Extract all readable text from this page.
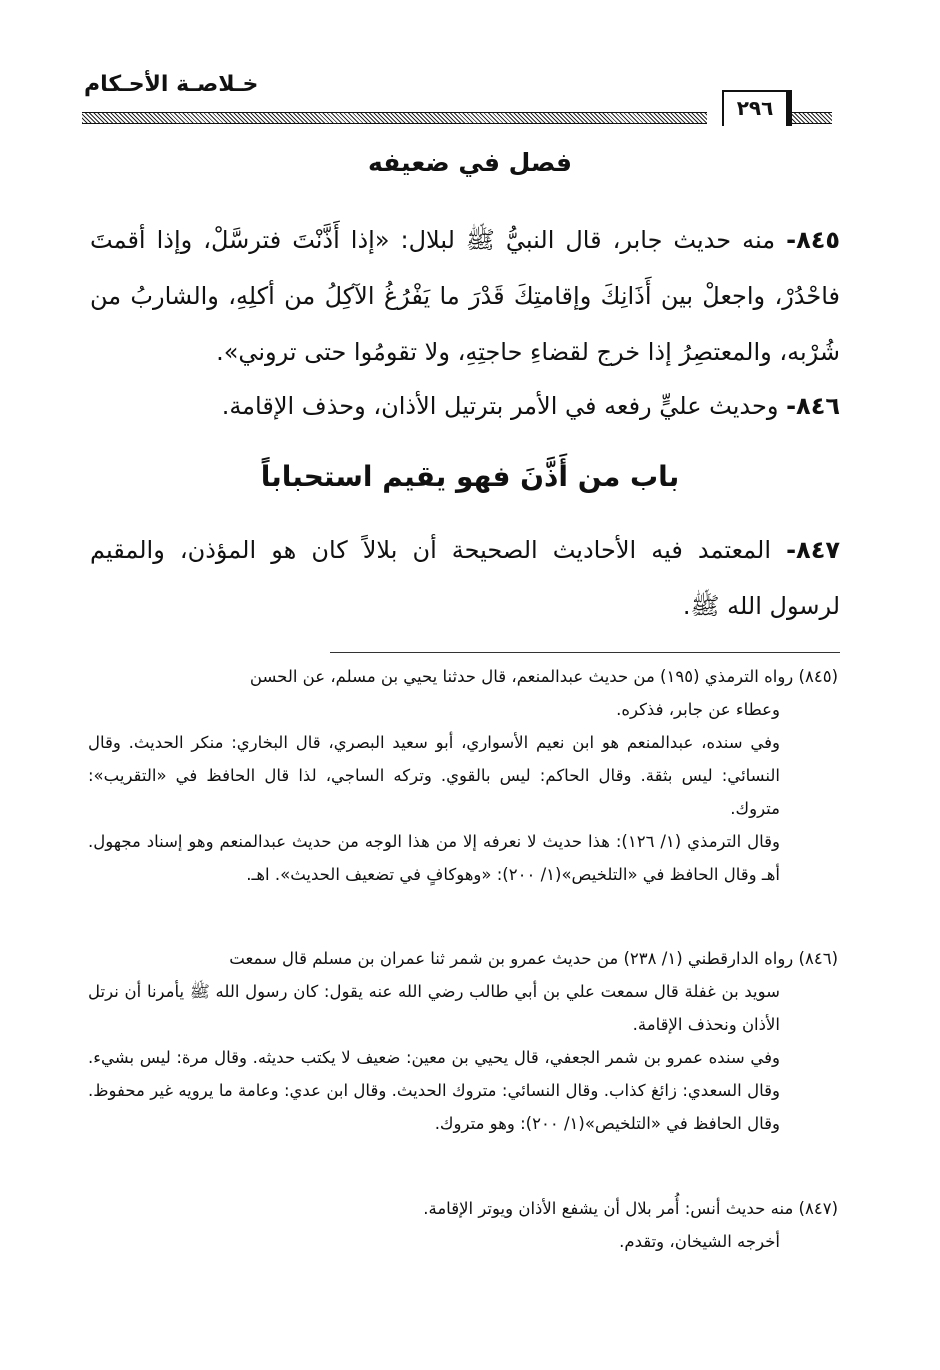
خـلاصـة الأحـكام
٢٩٦
فصل في ضعيفه
٨٤٥- منه حديث جابر، قال النبيُّ ﷺ لبلال: «إذا أَذَّنْتَ فترسَّلْ، وإذا أقمتَ فاحْدُرْ، واجعلْ بين أَذَانِكَ وإقامتِكَ قَدْرَ ما يَفْرُغُ الآكِلُ من أكلِهِ، والشاربُ من شُرْبه، والمعتصِرُ إذا خرج لقضاءِ حاجتِهِ، ولا تقومُوا حتى تروني».
٨٤٦- وحديث عليٍّ رفعه في الأمر بترتيل الأذان، وحذف الإقامة.
باب من أَذَّنَ فهو يقيم استحباباً
٨٤٧- المعتمد فيه الأحاديث الصحيحة أن بلالاً كان هو المؤذن، والمقيم لرسول الله ﷺ.
(٨٤٥) رواه الترمذي (١٩٥) من حديث عبدالمنعم، قال حدثنا يحيي بن مسلم، عن الحسن
وعطاء عن جابر، فذكره.
وفي سنده، عبدالمنعم هو ابن نعيم الأسواري، أبو سعيد البصري، قال البخاري: منكر الحديث. وقال النسائي: ليس بثقة. وقال الحاكم: ليس بالقوي. وتركه الساجي، لذا قال الحافظ في «التقريب»: متروك.
وقال الترمذي (١/ ١٢٦): هذا حديث لا نعرفه إلا من هذا الوجه من حديث عبدالمنعم وهو إسناد مجهول. أهـ وقال الحافظ في «التلخيص»(١/ ٢٠٠): «وهوكافٍ في تضعيف الحديث». اهـ.
(٨٤٦) رواه الدارقطني (١/ ٢٣٨) من حديث عمرو بن شمر ثنا عمران بن مسلم قال سمعت
سويد بن غفلة قال سمعت علي بن أبي طالب رضي الله عنه يقول: كان رسول الله ﷺ يأمرنا أن نرتل الأذان ونحذف الإقامة.
وفي سنده عمرو بن شمر الجعفي، قال يحيي بن معين: ضعيف لا يكتب حديثه. وقال مرة: ليس بشيء. وقال السعدي: زائغ كذاب. وقال النسائي: متروك الحديث. وقال ابن عدي: وعامة ما يرويه غير محفوظ. وقال الحافظ في «التلخيص»(١/ ٢٠٠): وهو متروك.
(٨٤٧) منه حديث أنس: أُمر بلال أن يشفع الأذان ويوتر الإقامة.
أخرجه الشيخان، وتقدم.
